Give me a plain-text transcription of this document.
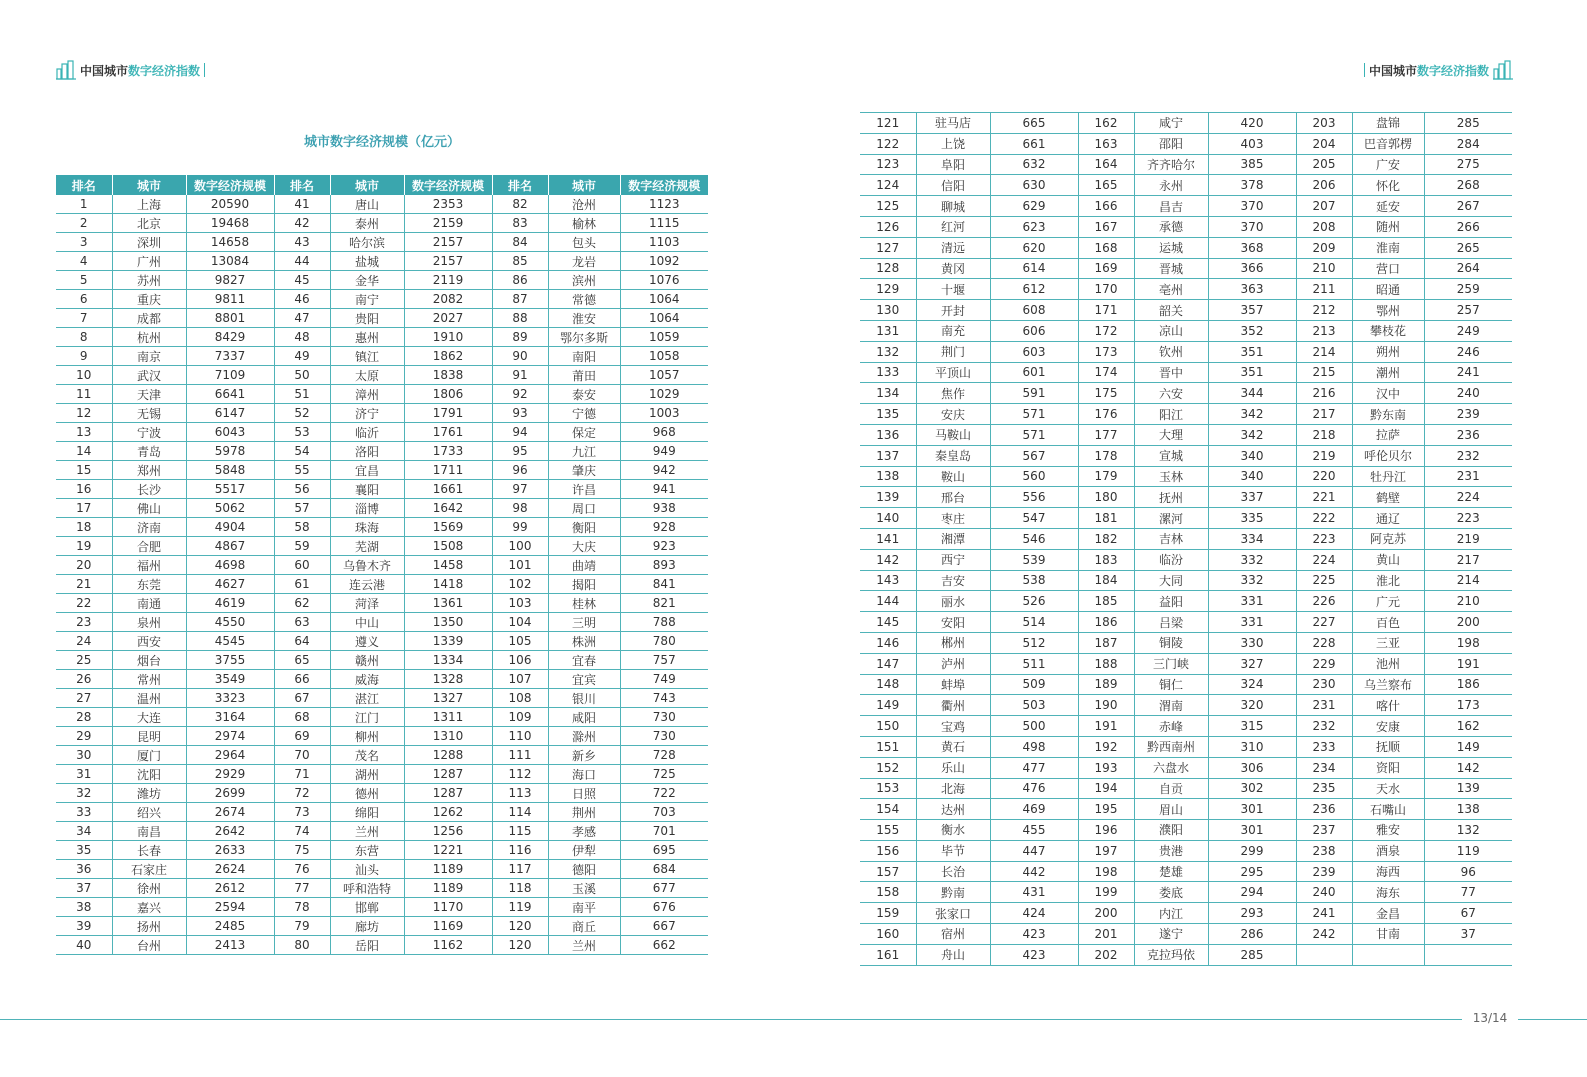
中国城市 数字经济指数	中国城市 数字经济指数
城市数字经济规模（亿元）
排名	城市	数字经济规模	排名	城市	数字经济规模	排名	城市	数字经济规模
1	上海	20590	41	唐山	2353	82	沧州	1123
2	北京	19468	42	泰州	2159	83	榆林	1115
3	深圳	14658	43	哈尔滨	2157	84	包头	1103
4	广州	13084	44	盐城	2157	85	龙岩	1092
5	苏州	9827	45	金华	2119	86	滨州	1076
6	重庆	9811	46	南宁	2082	87	常德	1064
7	成都	8801	47	贵阳	2027	88	淮安	1064
8	杭州	8429	48	惠州	1910	89	鄂尔多斯	1059
9	南京	7337	49	镇江	1862	90	南阳	1058
10	武汉	7109	50	太原	1838	91	莆田	1057
11	天津	6641	51	漳州	1806	92	泰安	1029
12	无锡	6147	52	济宁	1791	93	宁德	1003
13	宁波	6043	53	临沂	1761	94	保定	968
14	青岛	5978	54	洛阳	1733	95	九江	949
15	郑州	5848	55	宜昌	1711	96	肇庆	942
16	长沙	5517	56	襄阳	1661	97	许昌	941
17	佛山	5062	57	淄博	1642	98	周口	938
18	济南	4904	58	珠海	1569	99	衡阳	928
19	合肥	4867	59	芜湖	1508	100	大庆	923
20	福州	4698	60	乌鲁木齐	1458	101	曲靖	893
21	东莞	4627	61	连云港	1418	102	揭阳	841
22	南通	4619	62	菏泽	1361	103	桂林	821
23	泉州	4550	63	中山	1350	104	三明	788
24	西安	4545	64	遵义	1339	105	株洲	780
25	烟台	3755	65	赣州	1334	106	宜春	757
26	常州	3549	66	威海	1328	107	宜宾	749
27	温州	3323	67	湛江	1327	108	银川	743
28	大连	3164	68	江门	1311	109	咸阳	730
29	昆明	2974	69	柳州	1310	110	滁州	730
30	厦门	2964	70	茂名	1288	111	新乡	728
31	沈阳	2929	71	湖州	1287	112	海口	725
32	潍坊	2699	72	德州	1287	113	日照	722
33	绍兴	2674	73	绵阳	1262	114	荆州	703
34	南昌	2642	74	兰州	1256	115	孝感	701
35	长春	2633	75	东营	1221	116	伊犁	695
36	石家庄	2624	76	汕头	1189	117	德阳	684
37	徐州	2612	77	呼和浩特	1189	118	玉溪	677
38	嘉兴	2594	78	邯郸	1170	119	南平	676
39	扬州	2485	79	廊坊	1169	120	商丘	667
40	台州	2413	80	岳阳	1162	120	兰州	662
121	驻马店	665	162	咸宁	420	203	盘锦	285
122	上饶	661	163	邵阳	403	204	巴音郭楞	284
123	阜阳	632	164	齐齐哈尔	385	205	广安	275
124	信阳	630	165	永州	378	206	怀化	268
125	聊城	629	166	昌吉	370	207	延安	267
126	红河	623	167	承德	370	208	随州	266
127	清远	620	168	运城	368	209	淮南	265
128	黄冈	614	169	晋城	366	210	营口	264
129	十堰	612	170	亳州	363	211	昭通	259
130	开封	608	171	韶关	357	212	鄂州	257
131	南充	606	172	凉山	352	213	攀枝花	249
132	荆门	603	173	钦州	351	214	朔州	246
133	平顶山	601	174	晋中	351	215	潮州	241
134	焦作	591	175	六安	344	216	汉中	240
135	安庆	571	176	阳江	342	217	黔东南	239
136	马鞍山	571	177	大理	342	218	拉萨	236
137	秦皇岛	567	178	宣城	340	219	呼伦贝尔	232
138	鞍山	560	179	玉林	340	220	牡丹江	231
139	邢台	556	180	抚州	337	221	鹤壁	224
140	枣庄	547	181	漯河	335	222	通辽	223
141	湘潭	546	182	吉林	334	223	阿克苏	219
142	西宁	539	183	临汾	332	224	黄山	217
143	吉安	538	184	大同	332	225	淮北	214
144	丽水	526	185	益阳	331	226	广元	210
145	安阳	514	186	吕梁	331	227	百色	200
146	郴州	512	187	铜陵	330	228	三亚	198
147	泸州	511	188	三门峡	327	229	池州	191
148	蚌埠	509	189	铜仁	324	230	乌兰察布	186
149	衢州	503	190	渭南	320	231	喀什	173
150	宝鸡	500	191	赤峰	315	232	安康	162
151	黄石	498	192	黔西南州	310	233	抚顺	149
152	乐山	477	193	六盘水	306	234	资阳	142
153	北海	476	194	自贡	302	235	天水	139
154	达州	469	195	眉山	301	236	石嘴山	138
155	衡水	455	196	濮阳	301	237	雅安	132
156	毕节	447	197	贵港	299	238	酒泉	119
157	长治	442	198	楚雄	295	239	海西	96
158	黔南	431	199	娄底	294	240	海东	77
159	张家口	424	200	内江	293	241	金昌	67
160	宿州	423	201	遂宁	286	242	甘南	37
161	舟山	423	202	克拉玛依	285			
13/14
